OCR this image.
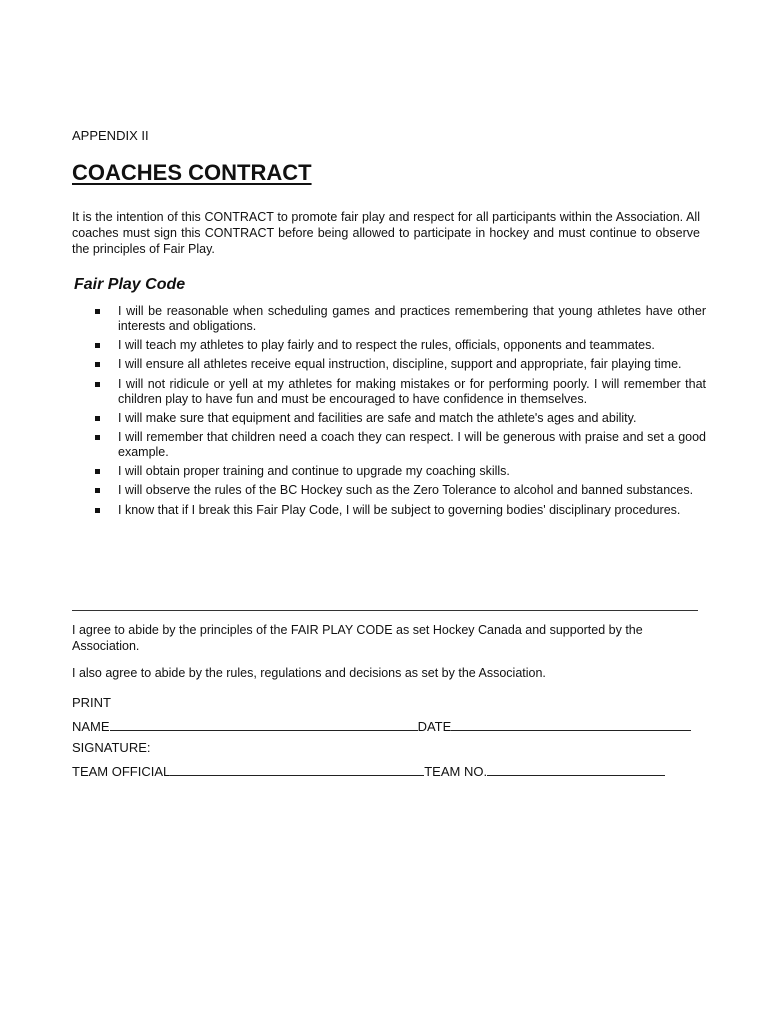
APPENDIX II
COACHES CONTRACT

It is the intention of this CONTRACT to promote fair play and respect for all participants within the Association. All coaches must sign this CONTRACT before being allowed to participate in hockey and must continue to observe the principles of Fair Play.

Fair Play Code
I will be reasonable when scheduling games and practices remembering that young athletes have other interests and obligations.
I will teach my athletes to play fairly and to respect the rules, officials, opponents and teammates.
I will ensure all athletes receive equal instruction, discipline, support and appropriate, fair playing time.
I will not ridicule or yell at my athletes for making mistakes or for performing poorly. I will remember that children play to have fun and must be encouraged to have confidence in themselves.
I will make sure that equipment and facilities are safe and match the athlete's ages and ability.
I will remember that children need a coach they can respect. I will be generous with praise and set a good example.
I will obtain proper training and continue to upgrade my coaching skills.
I will observe the rules of the BC Hockey such as the Zero Tolerance to alcohol and banned substances.
I know that if I break this Fair Play Code, I will be subject to governing bodies' disciplinary procedures.

I agree to abide by the principles of the FAIR PLAY CODE as set Hockey Canada and supported by the Association.

I also agree to abide by the rules, regulations and decisions as set by the Association.

PRINT
NAME	DATE
SIGNATURE:
TEAM OFFICIAL	TEAM NO.
